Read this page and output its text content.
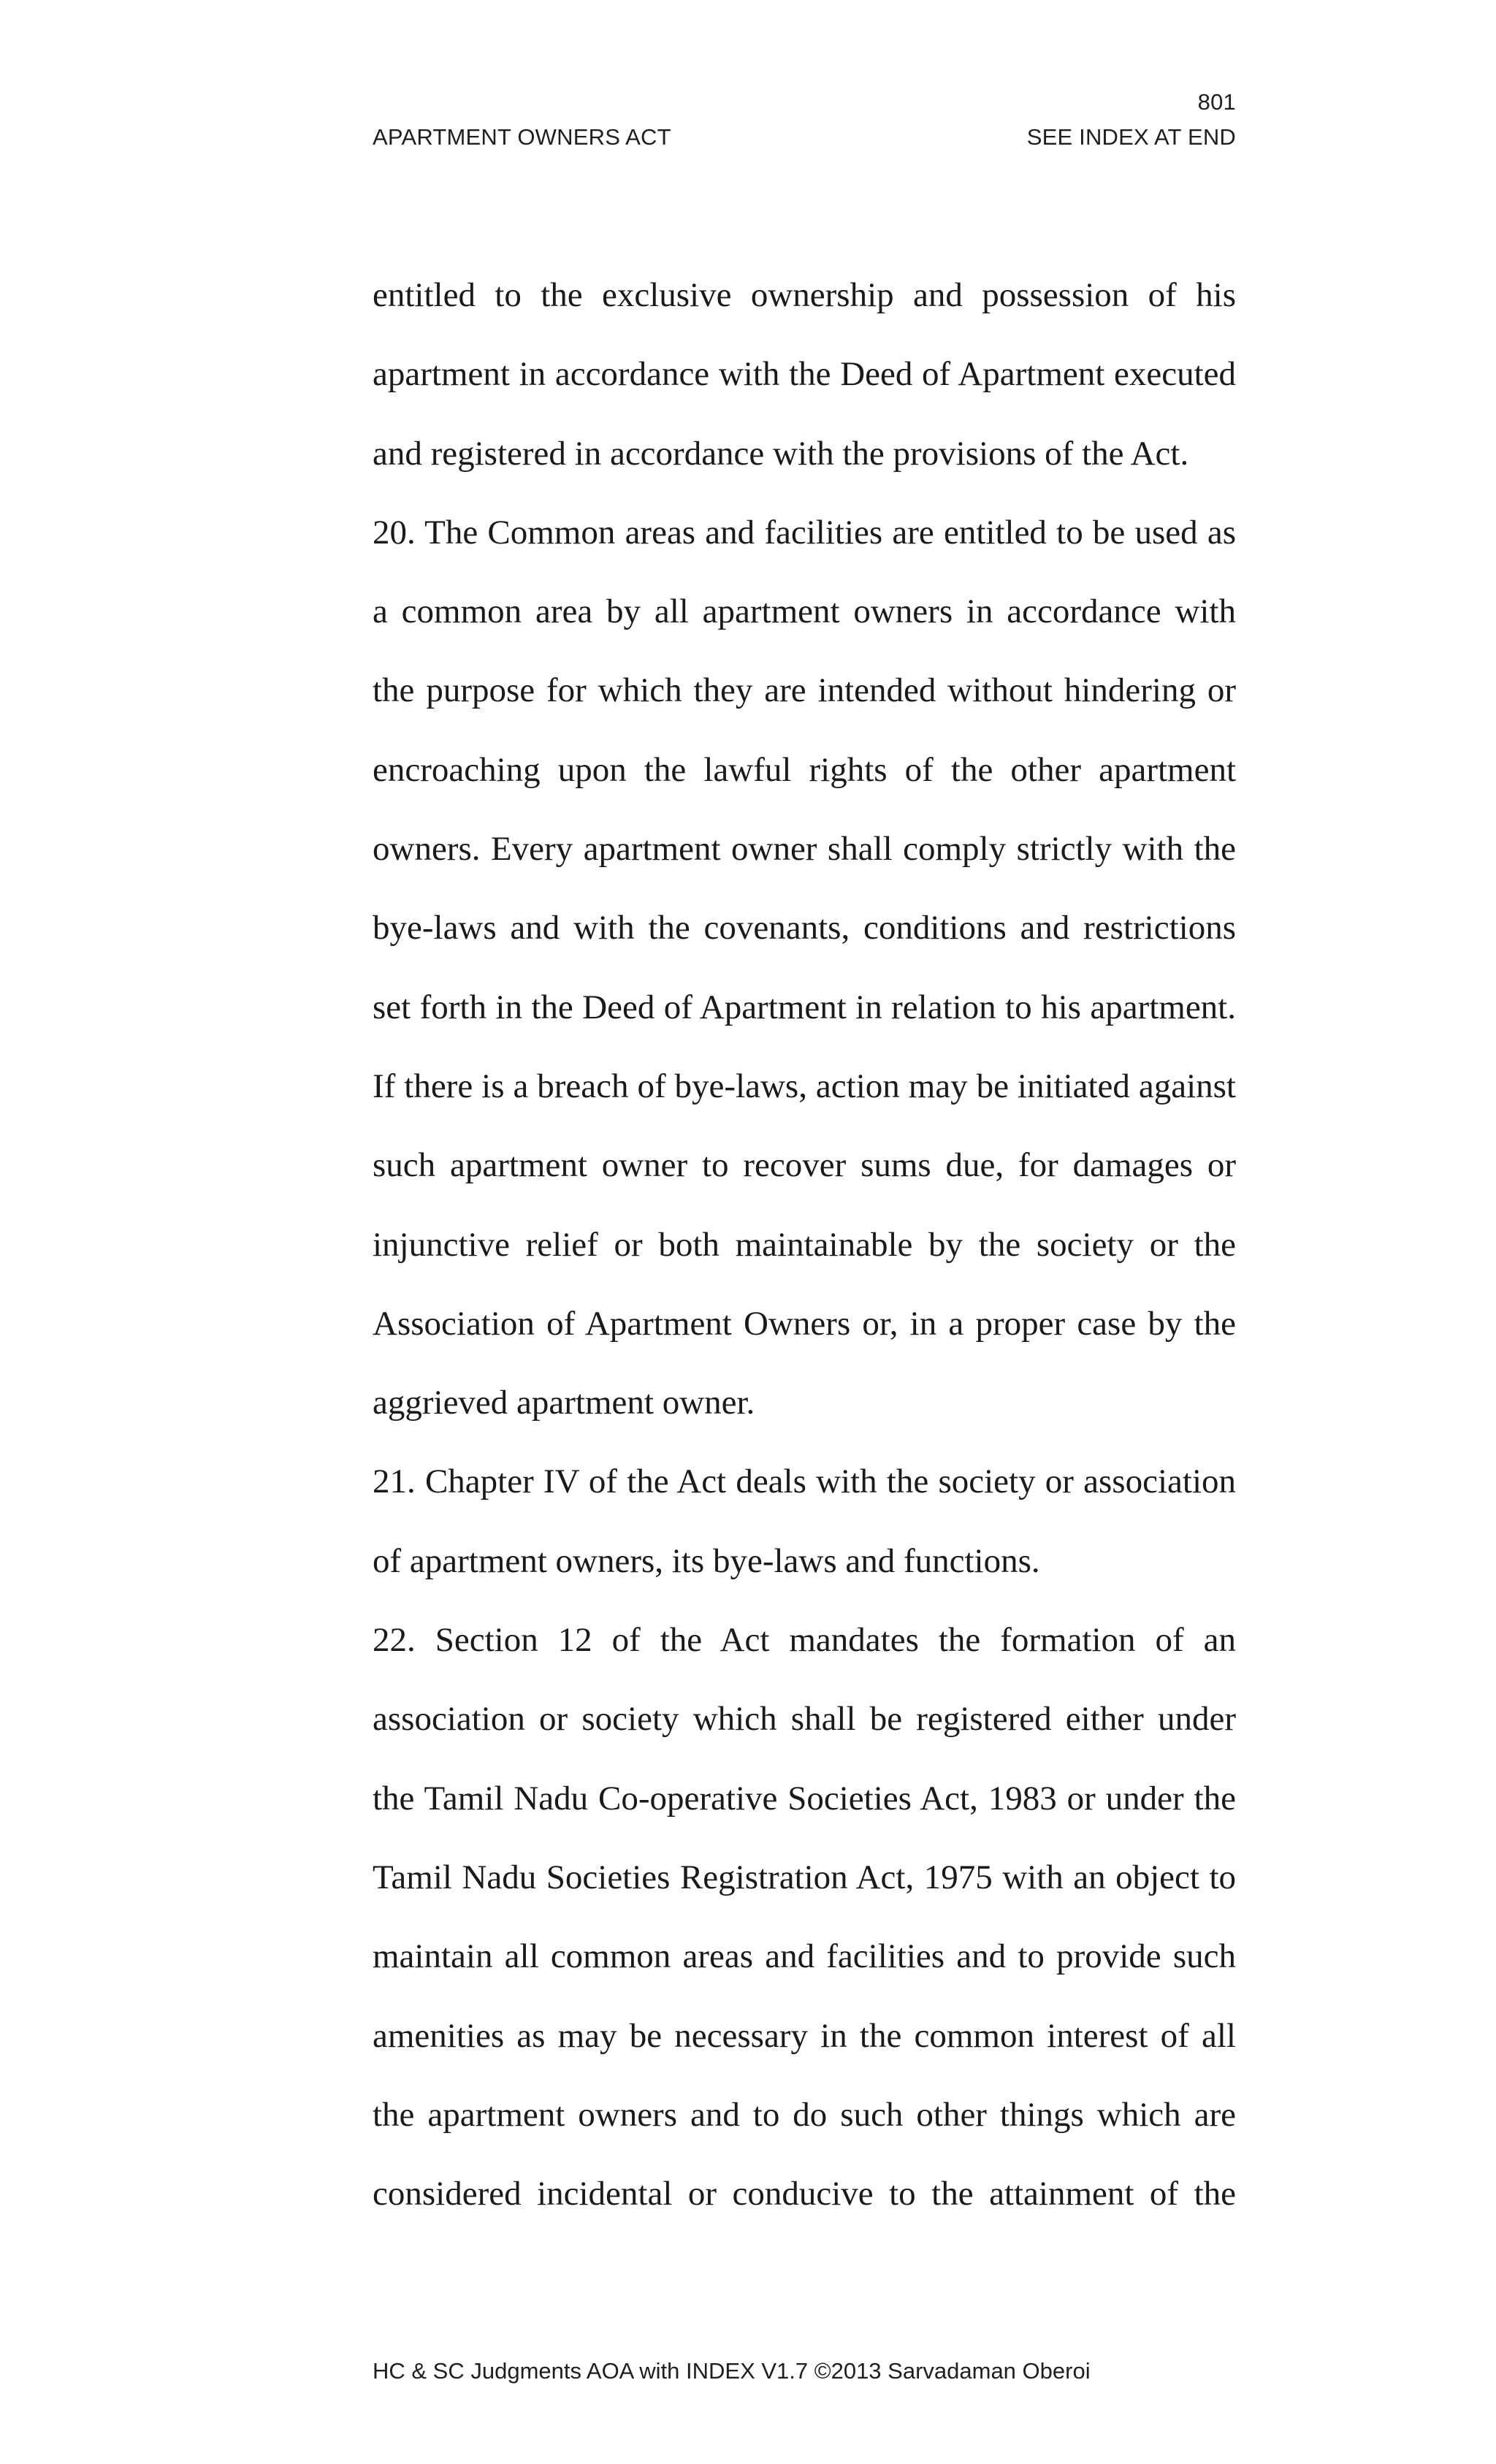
801
APARTMENT OWNERS ACT	SEE INDEX AT END

entitled to the exclusive ownership and possession of his apartment in accordance with the Deed of Apartment executed and registered in accordance with the provisions of the Act.

20. The Common areas and facilities are entitled to be used as a common area by all apartment owners in accordance with the purpose for which they are intended without hindering or encroaching upon the lawful rights of the other apartment owners. Every apartment owner shall comply strictly with the bye-laws and with the covenants, conditions and restrictions set forth in the Deed of Apartment in relation to his apartment. If there is a breach of bye-laws, action may be initiated against such apartment owner to recover sums due, for damages or injunctive relief or both maintainable by the society or the Association of Apartment Owners or, in a proper case by the aggrieved apartment owner.

21. Chapter IV of the Act deals with the society or association of apartment owners, its bye-laws and functions.

22. Section 12 of the Act mandates the formation of an association or society which shall be registered either under the Tamil Nadu Co-operative Societies Act, 1983 or under the Tamil Nadu Societies Registration Act, 1975 with an object to maintain all common areas and facilities and to provide such amenities as may be necessary in the common interest of all the apartment owners and to do such other things which are considered incidental or conducive to the attainment of the

HC & SC Judgments AOA with INDEX V1.7 ©2013 Sarvadaman Oberoi
